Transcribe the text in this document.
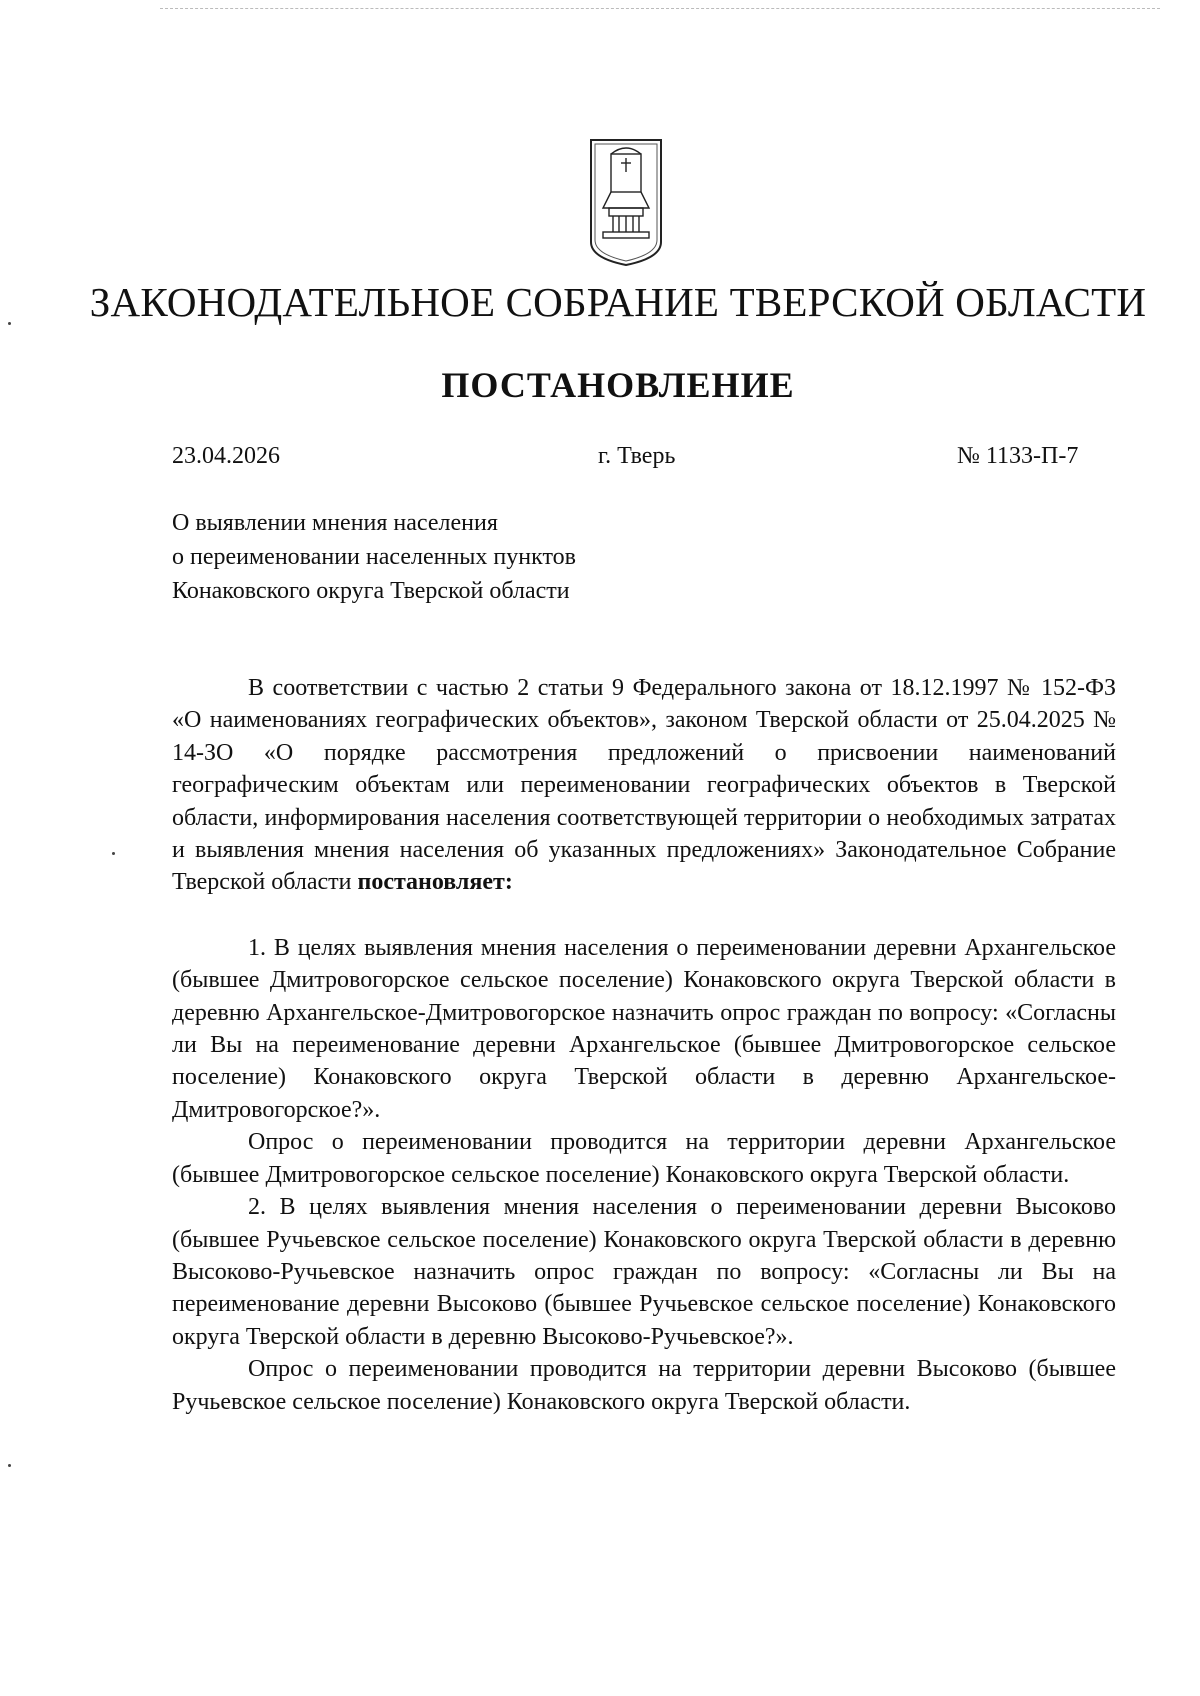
ЗАКОНОДАТЕЛЬНОЕ СОБРАНИЕ ТВЕРСКОЙ ОБЛАСТИ
ПОСТАНОВЛЕНИЕ
23.04.2026	г. Тверь	№ 1133-П-7
О выявлении мнения населения
о переименовании населенных пунктов
Конаковского округа Тверской области

В соответствии с частью 2 статьи 9 Федерального закона от 18.12.1997 № 152-ФЗ «О наименованиях географических объектов», законом Тверской области от 25.04.2025 № 14-ЗО «О порядке рассмотрения предложений о присвоении наименований географическим объектам или переименовании географических объектов в Тверской области, информирования населения соответствующей территории о необходимых затратах и выявления мнения населения об указанных предложениях» Законодательное Собрание Тверской области постановляет:

1. В целях выявления мнения населения о переименовании деревни Архангельское (бывшее Дмитровогорское сельское поселение) Конаковского округа Тверской области в деревню Архангельское-Дмитровогорское назначить опрос граждан по вопросу: «Согласны ли Вы на переименование деревни Архангельское (бывшее Дмитровогорское сельское поселение) Конаковского округа Тверской области в деревню Архангельское-Дмитровогорское?».

Опрос о переименовании проводится на территории деревни Архангельское (бывшее Дмитровогорское сельское поселение) Конаковского округа Тверской области.

2. В целях выявления мнения населения о переименовании деревни Высоково (бывшее Ручьевское сельское поселение) Конаковского округа Тверской области в деревню Высоково-Ручьевское назначить опрос граждан по вопросу: «Согласны ли Вы на переименование деревни Высоково (бывшее Ручьевское сельское поселение) Конаковского округа Тверской области в деревню Высоково-Ручьевское?».

Опрос о переименовании проводится на территории деревни Высоково (бывшее Ручьевское сельское поселение) Конаковского округа Тверской области.
